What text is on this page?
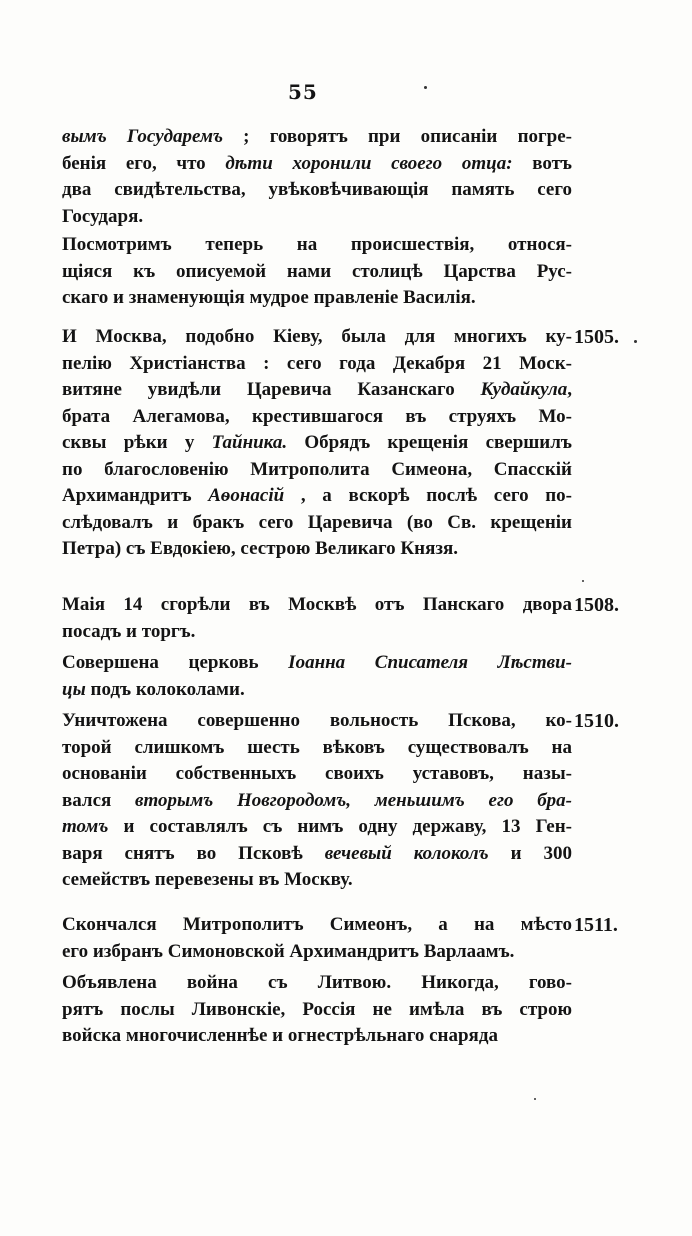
55
вымъ Государемъ ; говорятъ при описаніи погре-
бенія его, что дѣти хоронили своего отца: вотъ
два свидѣтельства, увѣковѣчивающія память сего
Государя.
Посмотримъ теперь на происшествія, относя-
щіяся къ описуемой нами столицѣ Царства Рус-
скаго и знаменующія мудрое правленіе Василія.
И Москва, подобно Кіеву, была для многихъ ку-
пелію Христіанства : сего года Декабря 21 Моск-
витяне увидѣли Царевича Казанскаго Кудайкула,
брата Алегамова, крестившагося въ струяхъ Мо-
сквы рѣки у Тайника. Обрядъ крещенія свершилъ
по благословенію Митрополита Симеона, Спасскій
Архимандритъ Аѳонасій , а вскорѣ послѣ сего по-
слѣдовалъ и бракъ сего Царевича (во Св. крещеніи
Петра) съ Евдокіею, сестрою Великаго Князя.
1505.
Маія 14 сгорѣли въ Москвѣ отъ Панскаго двора
посадъ и торгъ.
1508.
Совершена церковь Іоанна Списателя Лѣстви-
цы подъ колоколами.
Уничтожена совершенно вольность Пскова, ко-
торой слишкомъ шесть вѣковъ существовалъ на
основаніи собственныхъ своихъ уставовъ, назы-
вался вторымъ Новгородомъ, меньшимъ его бра-
томъ и составлялъ съ нимъ одну державу, 13 Ген-
варя снятъ во Псковѣ вечевый колоколъ и 300
семействъ перевезены въ Москву.
1510.
Скончался Митрополитъ Симеонъ, а на мѣсто
его избранъ Симоновской Архимандритъ Варлаамъ.
1511.
Объявлена война съ Литвою. Никогда, гово-
рятъ послы Ливонскіе, Россія не имѣла въ строю
войска многочисленнѣе и огнестрѣльнаго снаряда
